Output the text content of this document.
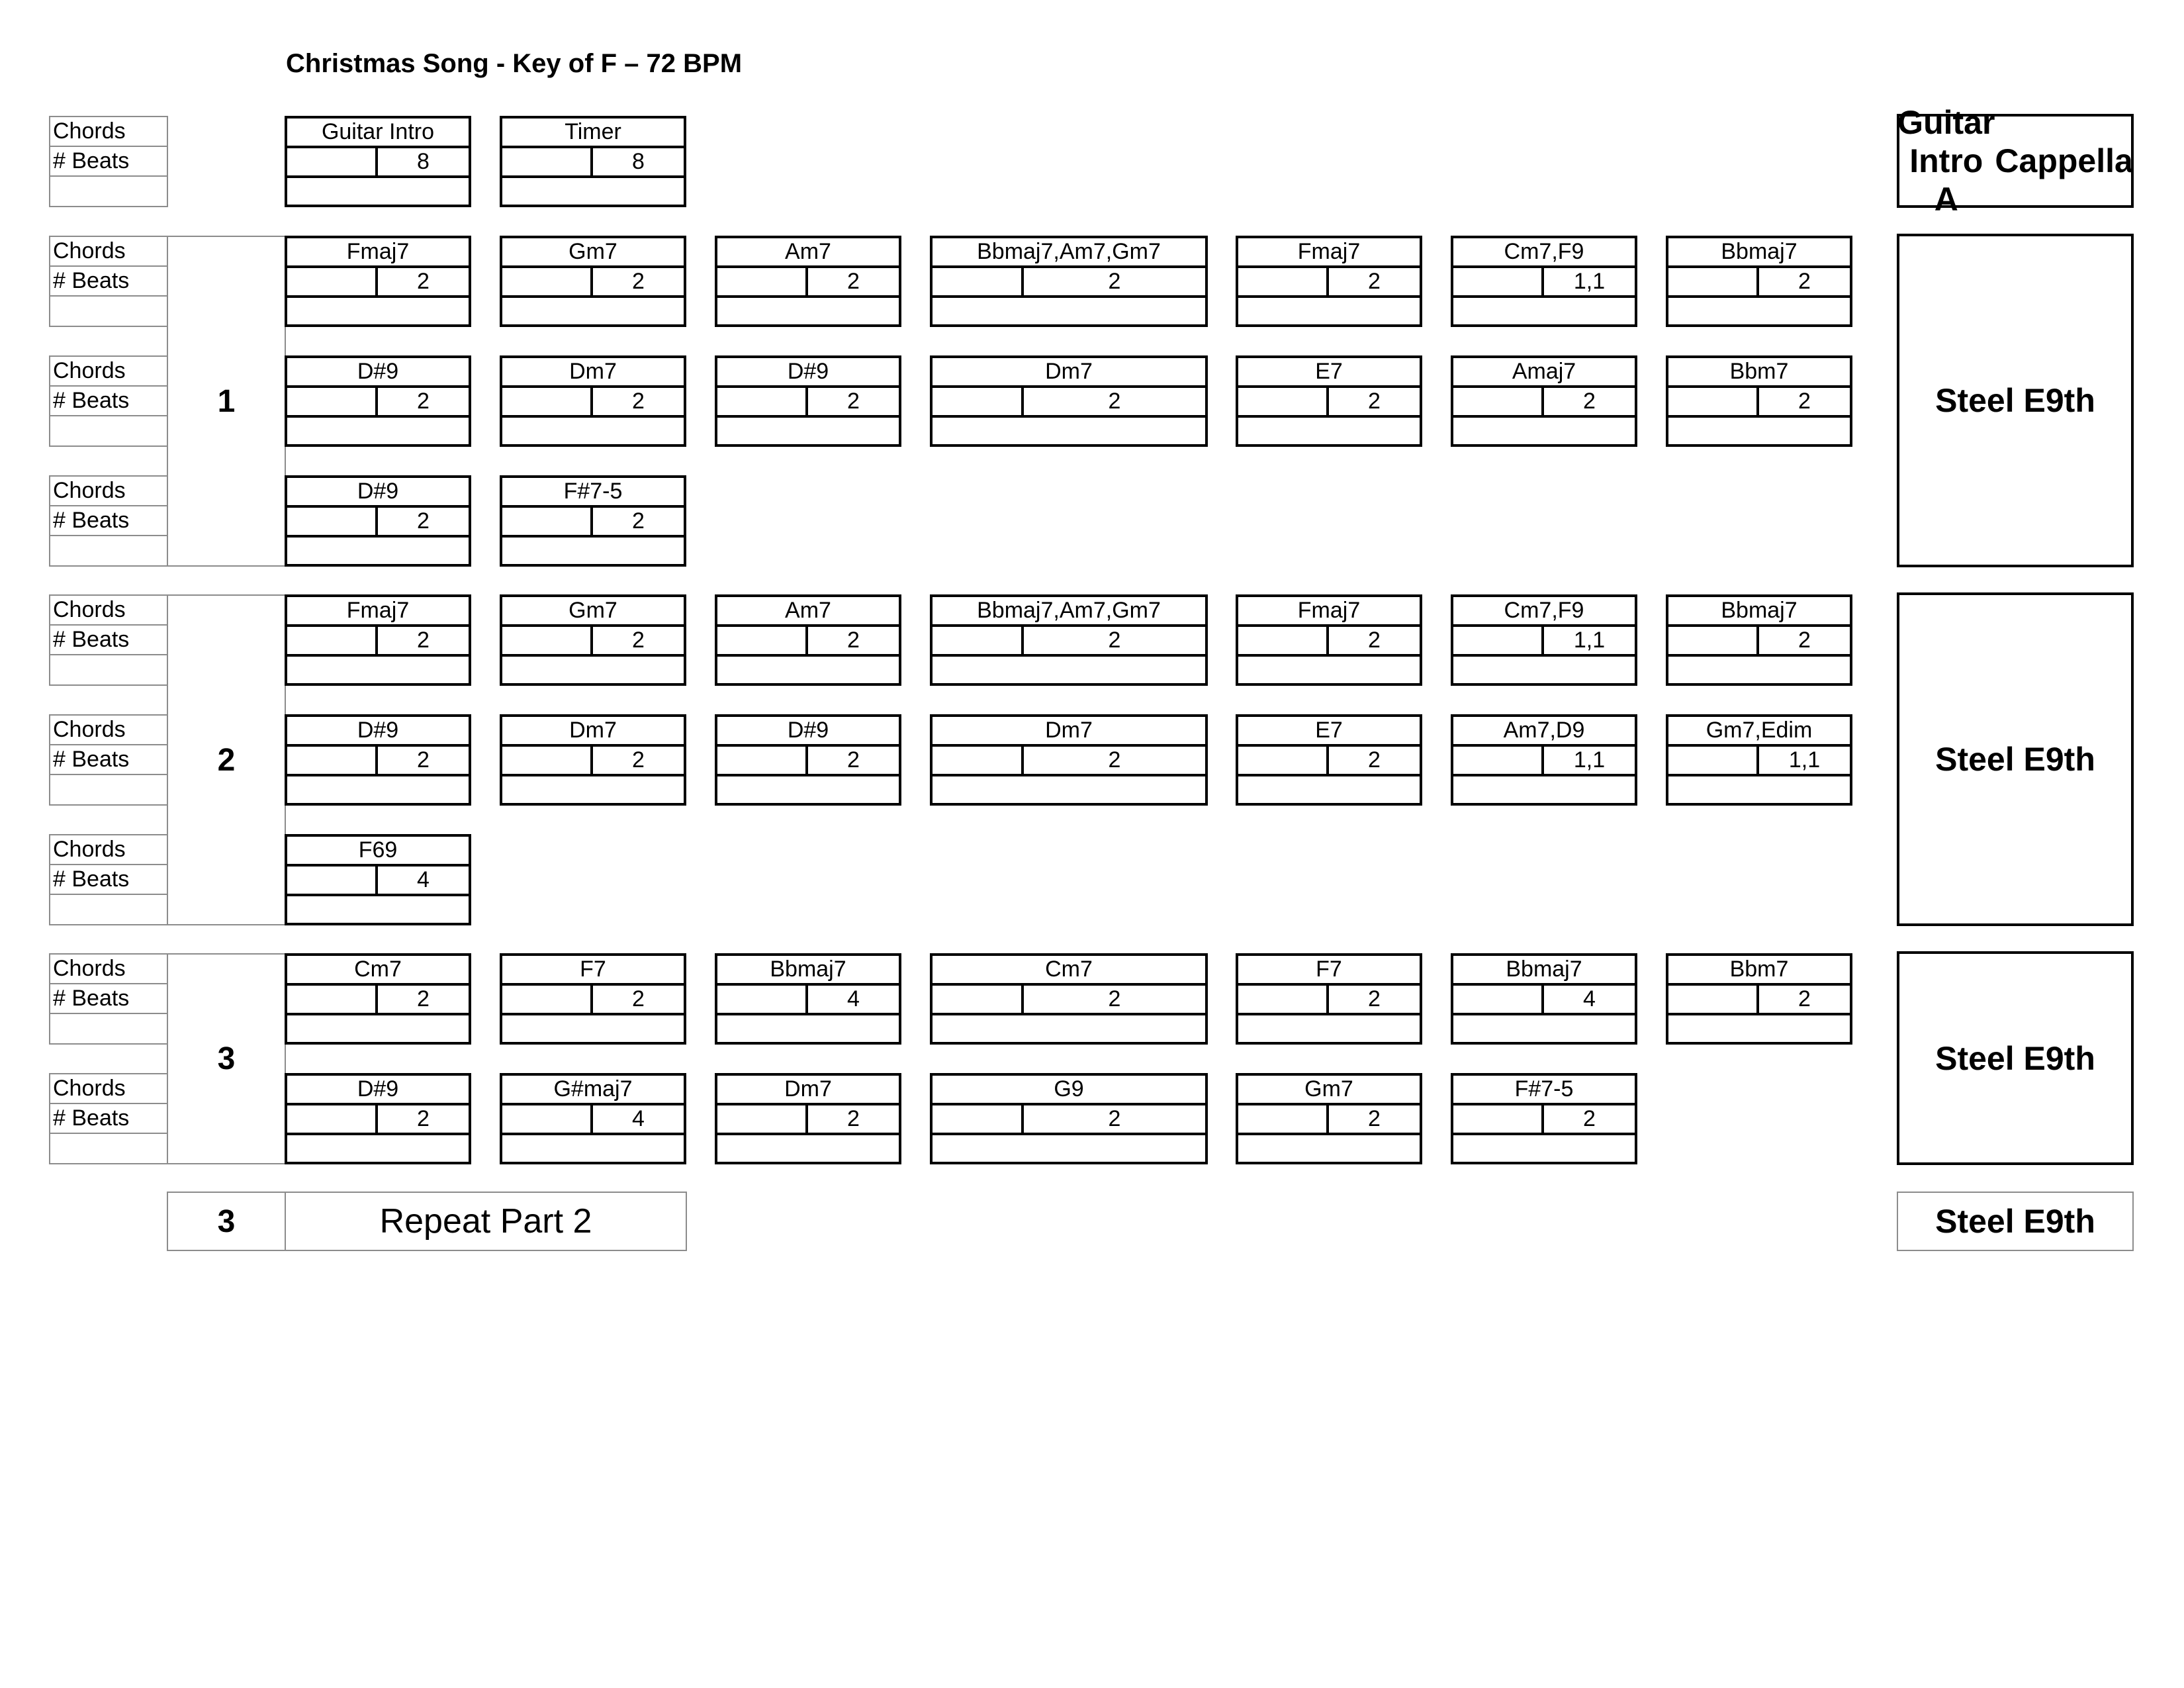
Christmas Song - Key of F – 72 BPM
Chords
# Beats
Guitar Intro
8
Timer
8
Guitar Intro A

Cappella
1
Chords
# Beats
Fmaj7
2
Gm7
2
Am7
2
Bbmaj7,Am7,Gm7
2
Fmaj7
2
Cm7,F9
1,1
Bbmaj7
2
Chords
# Beats
D#9
2
Dm7
2
D#9
2
Dm7
2
E7
2
Amaj7
2
Bbm7
2
Chords
# Beats
D#9
2
F#7-5
2
Steel E9th
2
Chords
# Beats
Fmaj7
2
Gm7
2
Am7
2
Bbmaj7,Am7,Gm7
2
Fmaj7
2
Cm7,F9
1,1
Bbmaj7
2
Chords
# Beats
D#9
2
Dm7
2
D#9
2
Dm7
2
E7
2
Am7,D9
1,1
Gm7,Edim
1,1
Chords
# Beats
F69
4
Steel E9th
3
Chords
# Beats
Cm7
2
F7
2
Bbmaj7
4
Cm7
2
F7
2
Bbmaj7
4
Bbm7
2
Chords
# Beats
D#9
2
G#maj7
4
Dm7
2
G9
2
Gm7
2
F#7-5
2
Steel E9th
3	Repeat Part 2	Steel E9th
